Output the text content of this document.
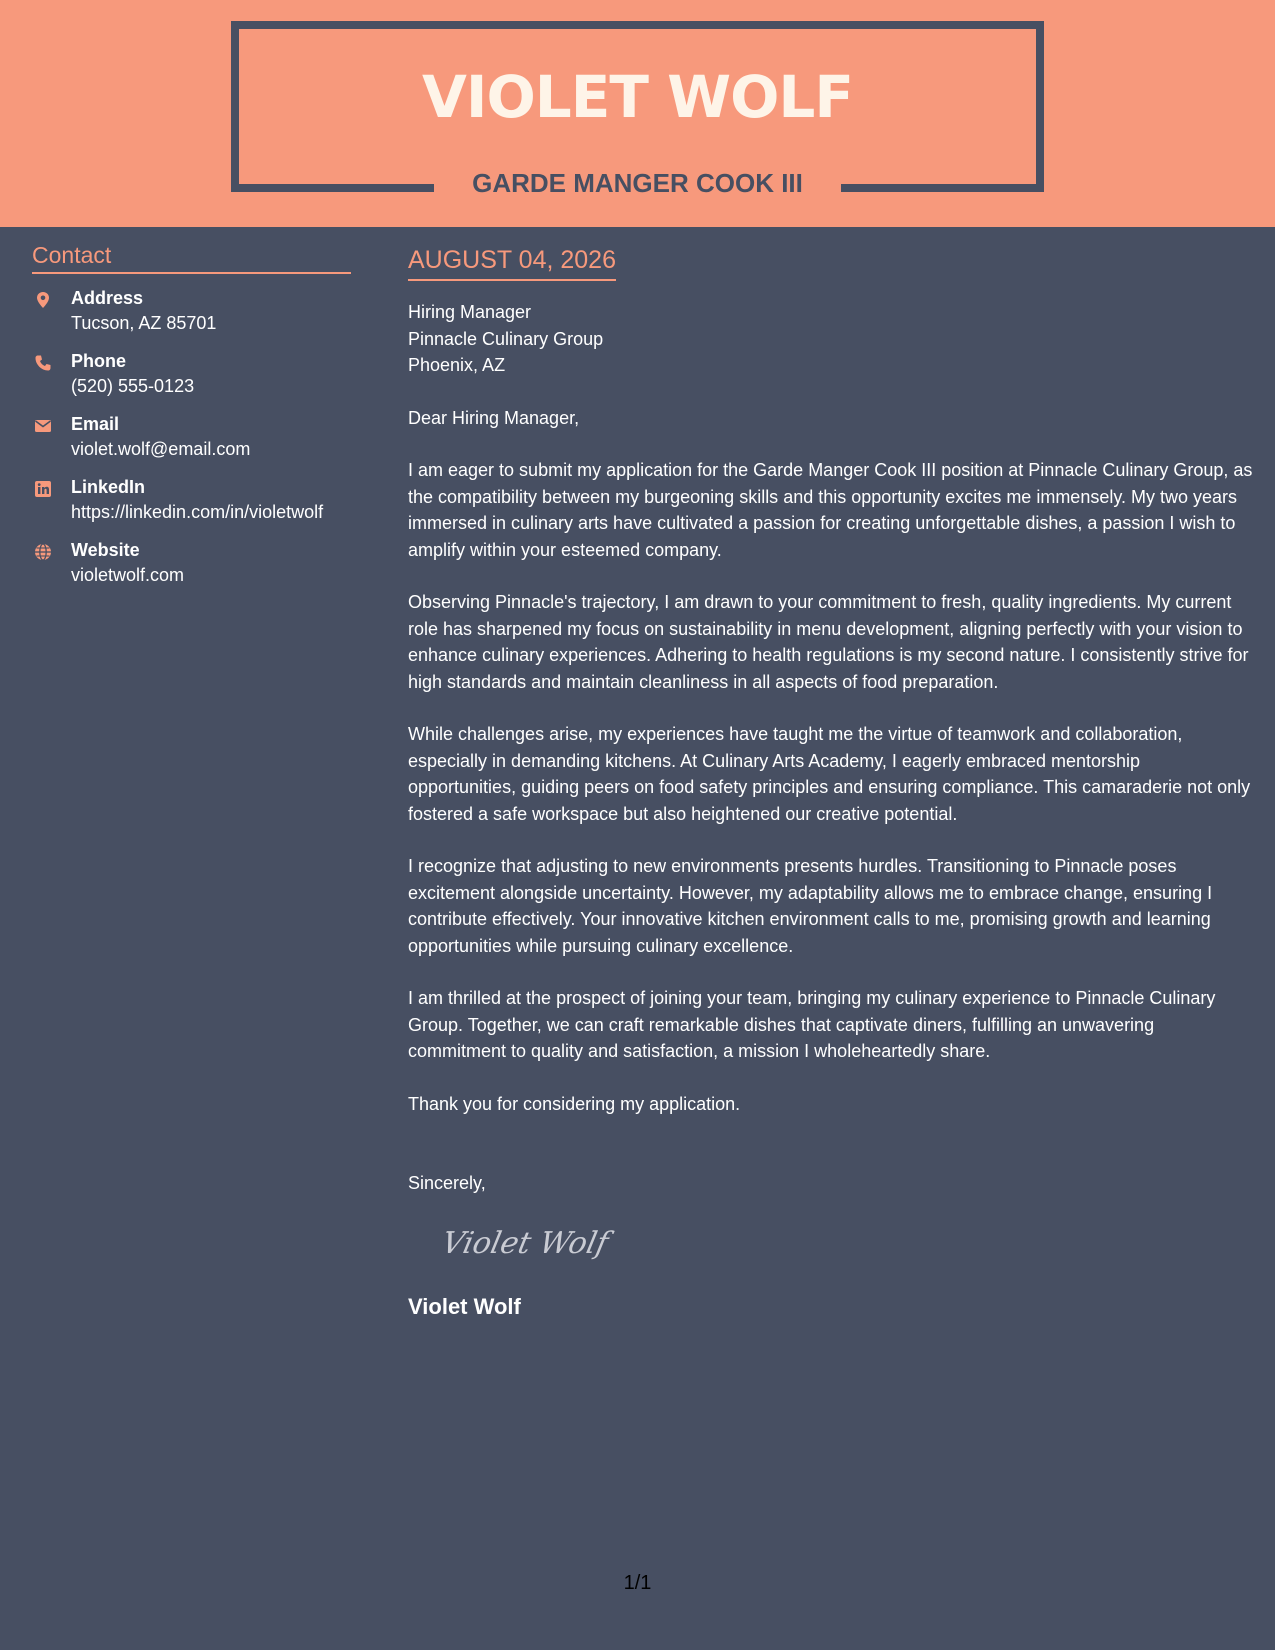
VIOLET WOLF
GARDE MANGER COOK III
Contact
Address
Tucson, AZ 85701
Phone
(520) 555-0123
Email
violet.wolf@email.com
LinkedIn
https://linkedin.com/in/violetwolf
Website
violetwolf.com
AUGUST 04, 2026
Hiring Manager
Pinnacle Culinary Group
Phoenix, AZ

Dear Hiring Manager,

I am eager to submit my application for the Garde Manger Cook III position at Pinnacle Culinary Group, as the compatibility between my burgeoning skills and this opportunity excites me immensely. My two years immersed in culinary arts have cultivated a passion for creating unforgettable dishes, a passion I wish to amplify within your esteemed company.

Observing Pinnacle's trajectory, I am drawn to your commitment to fresh, quality ingredients. My current role has sharpened my focus on sustainability in menu development, aligning perfectly with your vision to enhance culinary experiences. Adhering to health regulations is my second nature. I consistently strive for high standards and maintain cleanliness in all aspects of food preparation.

While challenges arise, my experiences have taught me the virtue of teamwork and collaboration, especially in demanding kitchens. At Culinary Arts Academy, I eagerly embraced mentorship opportunities, guiding peers on food safety principles and ensuring compliance. This camaraderie not only fostered a safe workspace but also heightened our creative potential.

I recognize that adjusting to new environments presents hurdles. Transitioning to Pinnacle poses excitement alongside uncertainty. However, my adaptability allows me to embrace change, ensuring I contribute effectively. Your innovative kitchen environment calls to me, promising growth and learning opportunities while pursuing culinary excellence.

I am thrilled at the prospect of joining your team, bringing my culinary experience to Pinnacle Culinary Group. Together, we can craft remarkable dishes that captivate diners, fulfilling an unwavering commitment to quality and satisfaction, a mission I wholeheartedly share.

Thank you for considering my application.

Sincerely,

Violet Wolf
Violet Wolf
1/1
